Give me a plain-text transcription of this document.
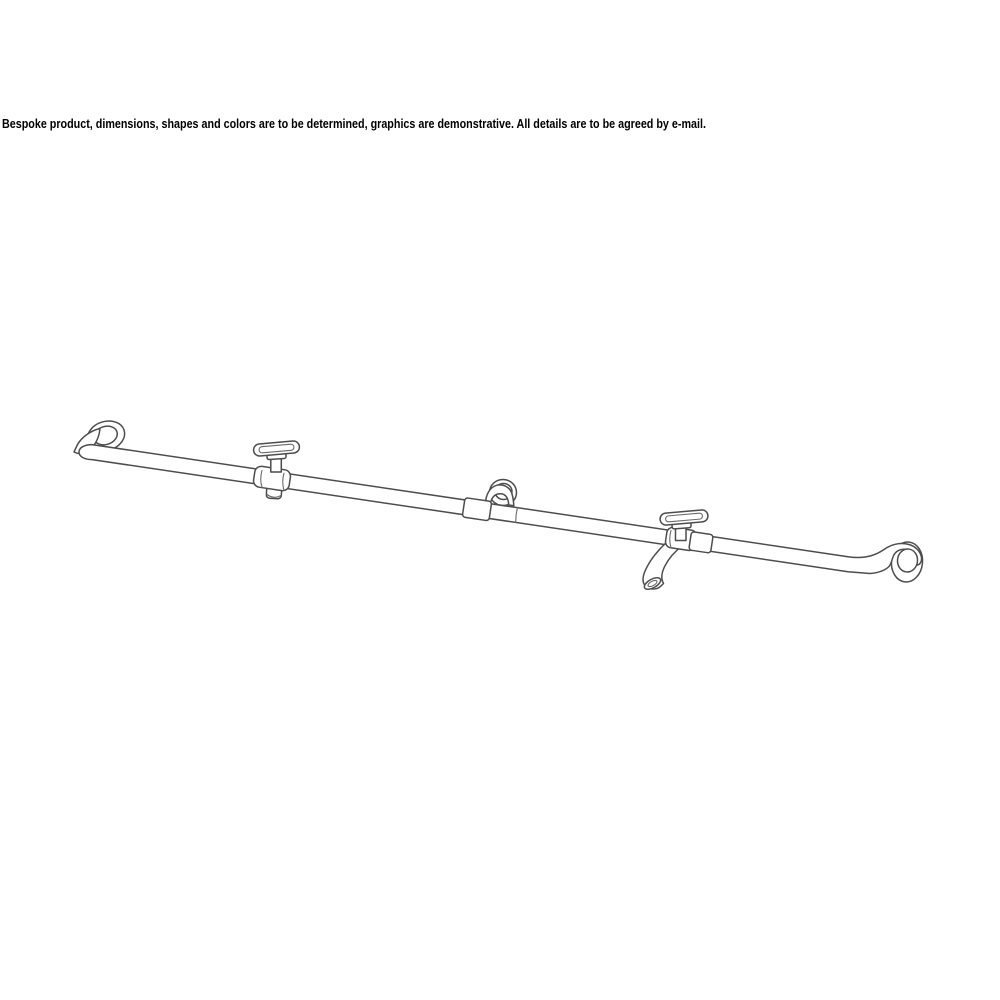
Bespoke product, dimensions, shapes and colors are to be determined, graphics are demonstrative. All details are to be agreed by e-mail.
